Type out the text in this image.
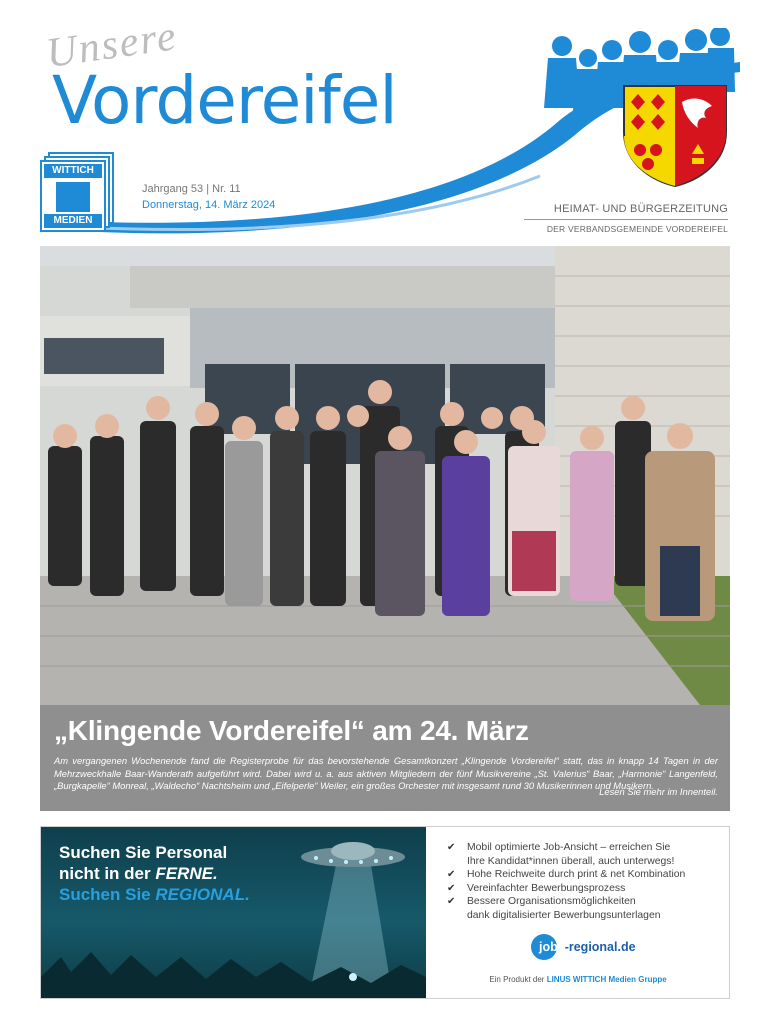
Unsere
Vordereifel
WITTICH
MEDIEN
Jahrgang 53 | Nr. 11
Donnerstag, 14. März 2024	HEIMAT- UND BÜRGERZEITUNG
DER VERBANDSGEMEINDE VORDEREIFEL
„Klingende Vordereifel“ am 24. März
Am vergangenen Wochenende fand die Registerprobe für das bevorstehende Gesamtkonzert „Klingende Vordereifel“ statt, das in knapp 14 Tagen in der Mehrzweckhalle Baar-Wanderath aufgeführt wird. Dabei wird u. a. aus aktiven Mitgliedern der fünf Musikvereine „St. Valerius“ Baar, „Harmonie“ Langenfeld, „Burgkapelle“ Monreal, „Waldecho“ Nachtsheim und „Eifelperle“ Weiler, ein großes Orchester mit insgesamt rund 30 Musikerinnen und Musikern.
Lesen Sie mehr im Innenteil.
Suchen Sie Personal
nicht in der FERNE.
Suchen Sie REGIONAL.
✔ Mobil optimierte Job-Ansicht – erreichen Sie
Ihre Kandidat*innen überall, auch unterwegs!
✔ Hohe Reichweite durch print & net Kombination
✔ Vereinfachter Bewerbungsprozess
✔ Bessere Organisationsmöglichkeiten
dank digitalisierter Bewerbungsunterlagen
jobs-regional.de
Ein Produkt der LINUS WITTICH Medien Gruppe
